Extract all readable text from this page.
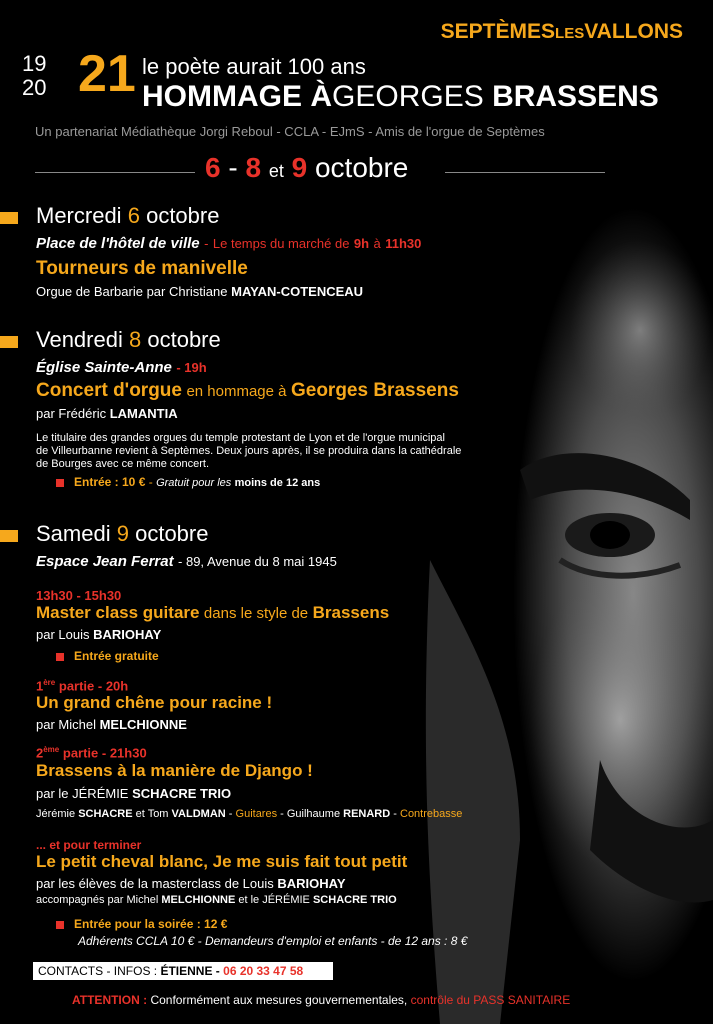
SEPTÈMESLESVALLONS
19
20 21 le poète aurait 100 ans
HOMMAGE ÀGEORGES BRASSENS
Un partenariat Médiathèque Jorgi Reboul - CCLA - EJmS - Amis de l'orgue de Septèmes
6 - 8 et 9 octobre
Mercredi 6 octobre
Place de l'hôtel de ville - Le temps du marché de 9h à 11h30
Tourneurs de manivelle
Orgue de Barbarie par Christiane MAYAN-COTENCEAU
Vendredi 8 octobre
Église Sainte-Anne - 19h
Concert d'orgue en hommage à Georges Brassens
par Frédéric LAMANTIA
Le titulaire des grandes orgues du temple protestant de Lyon et de l'orgue municipal
de Villeurbanne revient à Septèmes. Deux jours après, il se produira dans la cathédrale
de Bourges avec ce même concert.
Entrée : 10 € - Gratuit pour les moins de 12 ans
Samedi 9 octobre
Espace Jean Ferrat - 89, Avenue du 8 mai 1945
13h30 - 15h30
Master class guitare dans le style de Brassens
par Louis BARIOHAY
Entrée gratuite
1ère partie - 20h
Un grand chêne pour racine !
par Michel MELCHIONNE
2ème partie - 21h30
Brassens à la manière de Django !
par le JÉRÉMIE SCHACRE TRIO
Jérémie SCHACRE et Tom VALDMAN - Guitares - Guilhaume RENARD - Contrebasse
... et pour terminer
Le petit cheval blanc, Je me suis fait tout petit
par les élèves de la masterclass de Louis BARIOHAY
accompagnés par Michel MELCHIONNE et le JÉRÉMIE SCHACRE TRIO
Entrée pour la soirée : 12 €
Adhérents CCLA 10 € - Demandeurs d'emploi et enfants - de 12 ans : 8 €
CONTACTS - INFOS : ÉTIENNE - 06 20 33 47 58
ATTENTION : Conformément aux mesures gouvernementales, contrôle du PASS SANITAIRE
